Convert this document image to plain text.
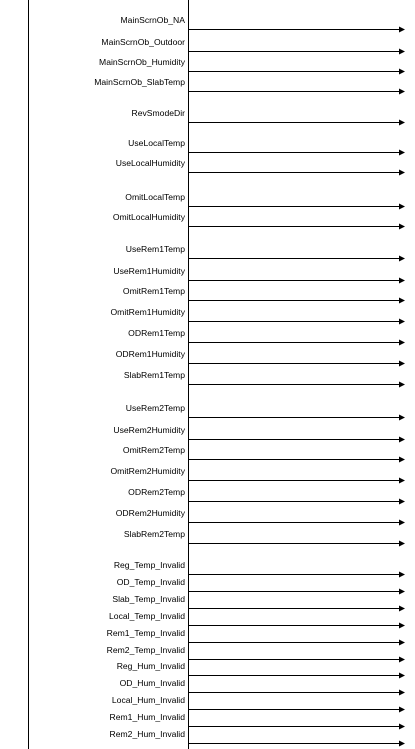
MainScrnOb_NA
MainScrnOb_Outdoor
MainScrnOb_Humidity
MainScrnOb_SlabTemp
RevSmodeDir
UseLocalTemp
UseLocalHumidity
OmitLocalTemp
OmitLocalHumidity
UseRem1Temp
UseRem1Humidity
OmitRem1Temp
OmitRem1Humidity
ODRem1Temp
ODRem1Humidity
SlabRem1Temp
UseRem2Temp
UseRem2Humidity
OmitRem2Temp
OmitRem2Humidity
ODRem2Temp
ODRem2Humidity
SlabRem2Temp
Reg_Temp_Invalid
OD_Temp_Invalid
Slab_Temp_Invalid
Local_Temp_Invalid
Rem1_Temp_Invalid
Rem2_Temp_Invalid
Reg_Hum_Invalid
OD_Hum_Invalid
Local_Hum_Invalid
Rem1_Hum_Invalid
Rem2_Hum_Invalid
